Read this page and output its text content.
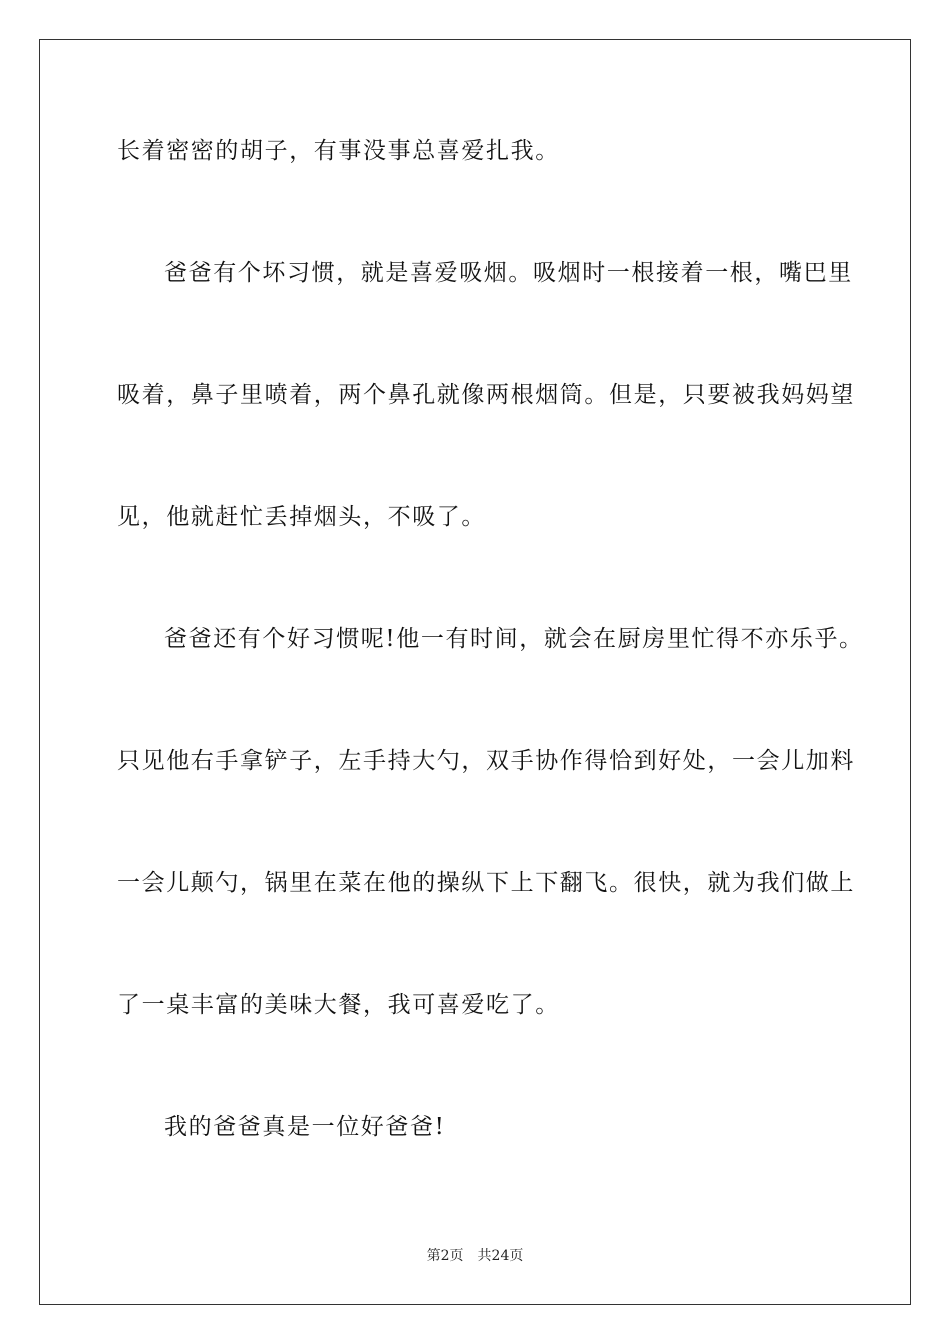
长着密密的胡子，有事没事总喜爱扎我。
爸爸有个坏习惯，就是喜爱吸烟。吸烟时一根接着一根，嘴巴里
吸着，鼻子里喷着，两个鼻孔就像两根烟筒。但是，只要被我妈妈望
见，他就赶忙丢掉烟头，不吸了。
爸爸还有个好习惯呢!他一有时间，就会在厨房里忙得不亦乐乎。
只见他右手拿铲子，左手持大勺，双手协作得恰到好处，一会儿加料
一会儿颠勺，锅里在菜在他的操纵下上下翻飞。很快，就为我们做上
了一桌丰富的美味大餐，我可喜爱吃了。
我的爸爸真是一位好爸爸!
第2页 共24页
